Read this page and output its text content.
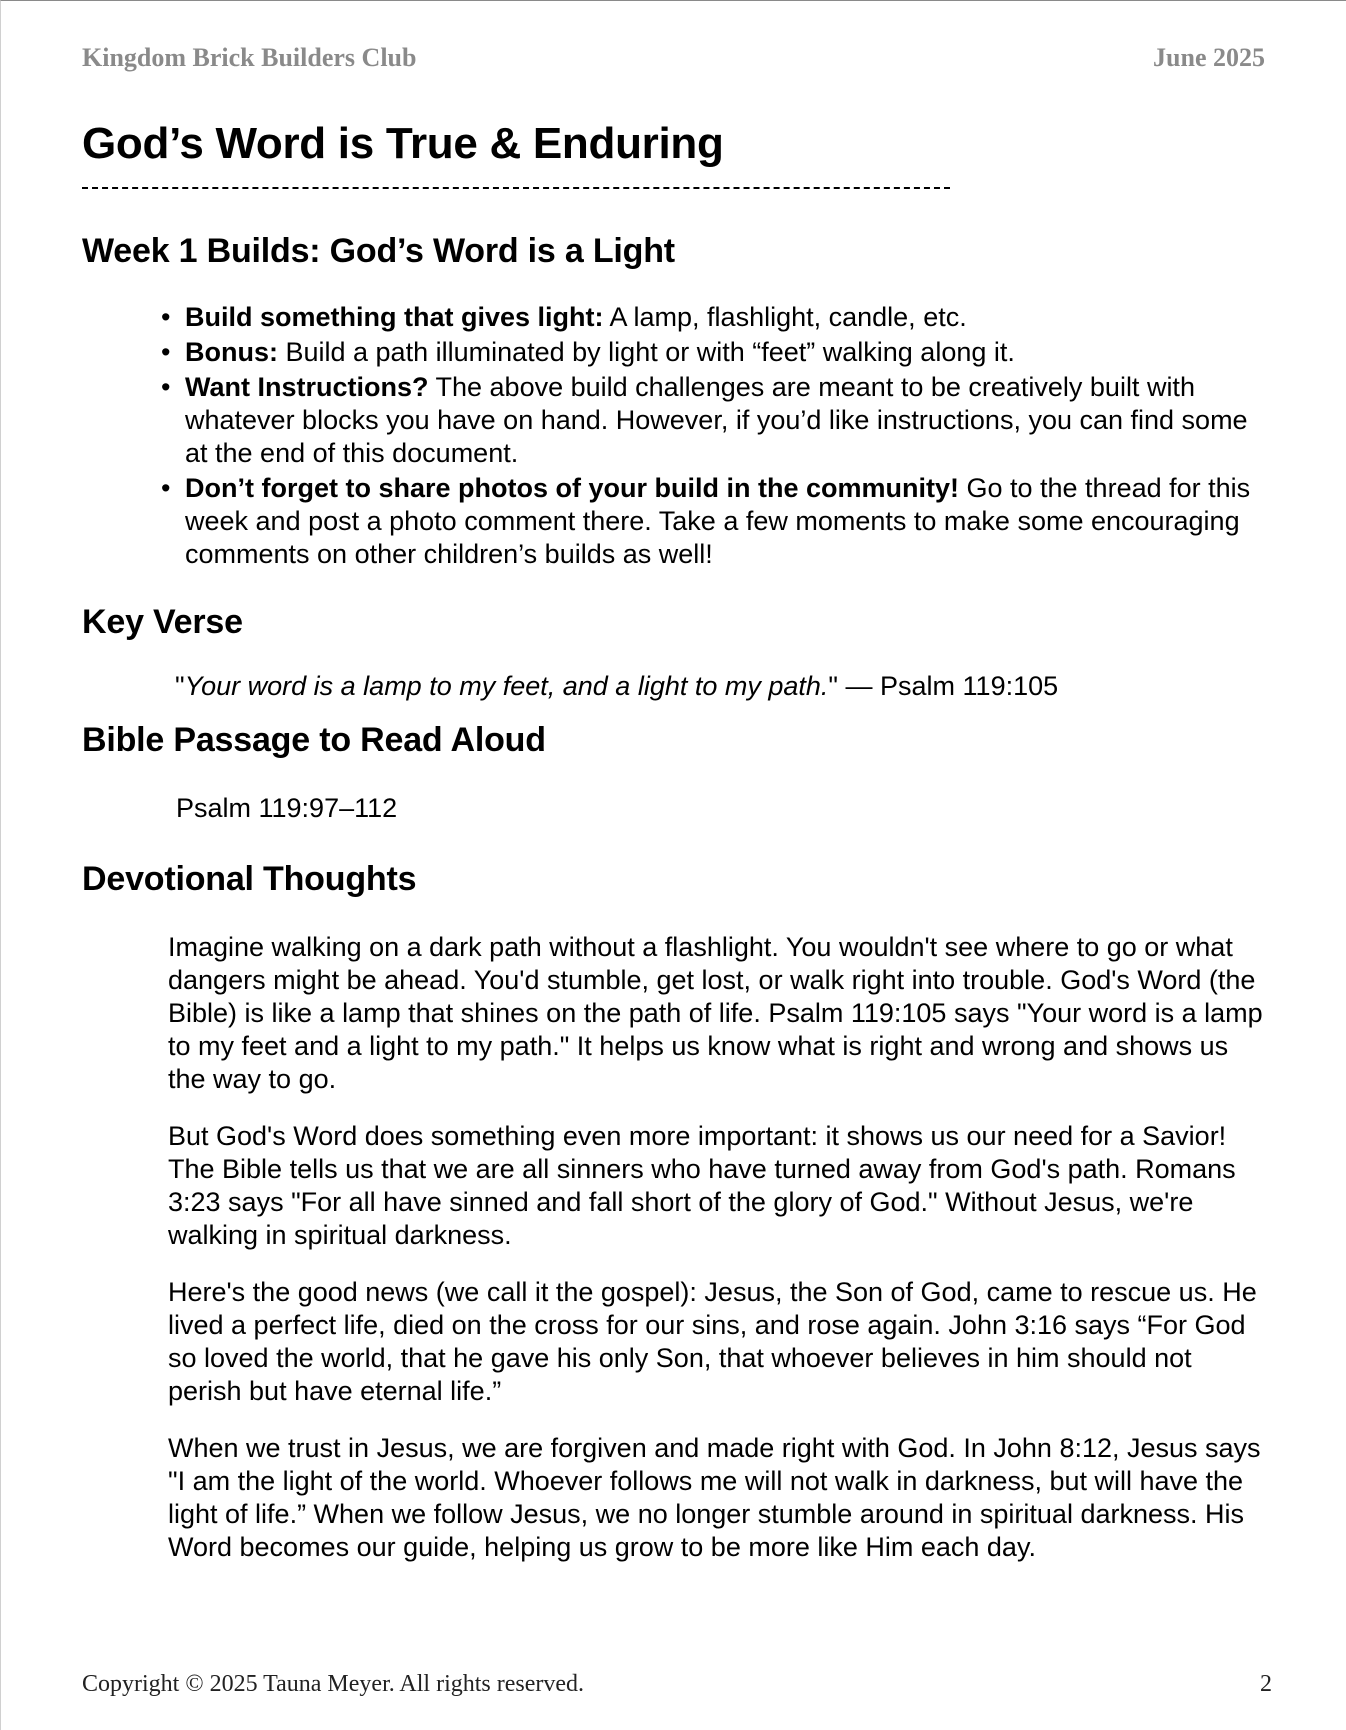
Kingdom Brick Builders Club	June 2025
God’s Word is True & Enduring
Week 1 Builds: God’s Word is a Light
• Build something that gives light: A lamp, flashlight, candle, etc.
• Bonus: Build a path illuminated by light or with “feet” walking along it.
• Want Instructions? The above build challenges are meant to be creatively built with whatever blocks you have on hand. However, if you’d like instructions, you can find some at the end of this document.
• Don’t forget to share photos of your build in the community! Go to the thread for this week and post a photo comment there. Take a few moments to make some encouraging comments on other children’s builds as well!
Key Verse
"Your word is a lamp to my feet, and a light to my path." — Psalm 119:105
Bible Passage to Read Aloud
Psalm 119:97–112
Devotional Thoughts

Imagine walking on a dark path without a flashlight. You wouldn't see where to go or what dangers might be ahead. You'd stumble, get lost, or walk right into trouble. God's Word (the Bible) is like a lamp that shines on the path of life. Psalm 119:105 says "Your word is a lamp to my feet and a light to my path." It helps us know what is right and wrong and shows us the way to go.

But God's Word does something even more important: it shows us our need for a Savior! The Bible tells us that we are all sinners who have turned away from God's path. Romans 3:23 says "For all have sinned and fall short of the glory of God." Without Jesus, we're walking in spiritual darkness.

Here's the good news (we call it the gospel): Jesus, the Son of God, came to rescue us. He lived a perfect life, died on the cross for our sins, and rose again. John 3:16 says “For God so loved the world, that he gave his only Son, that whoever believes in him should not perish but have eternal life.”

When we trust in Jesus, we are forgiven and made right with God. In John 8:12, Jesus says "I am the light of the world. Whoever follows me will not walk in darkness, but will have the light of life.” When we follow Jesus, we no longer stumble around in spiritual darkness. His Word becomes our guide, helping us grow to be more like Him each day.

Copyright © 2025 Tauna Meyer. All rights reserved.	2
